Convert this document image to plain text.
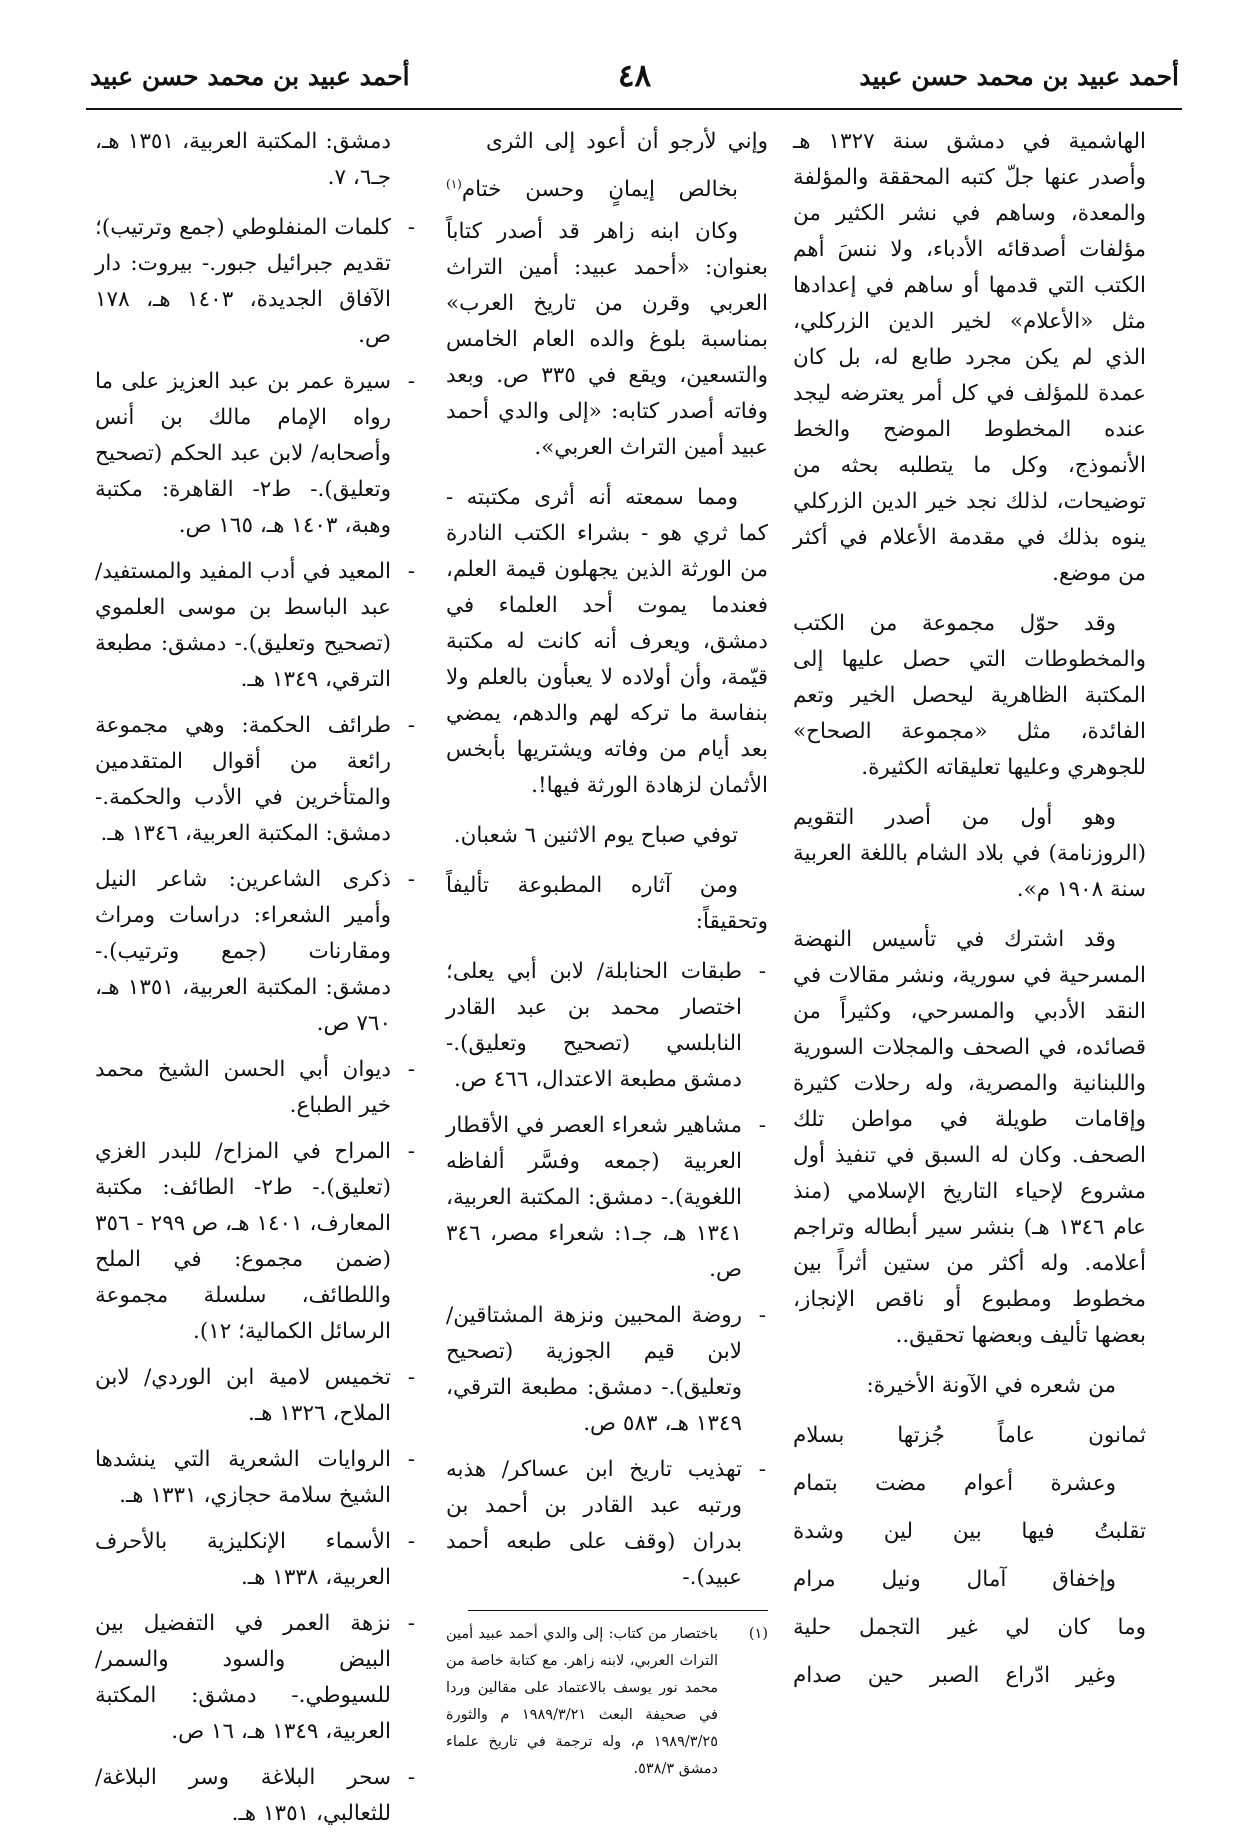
أحمد عبيد بن محمد حسن عبيد
٤٨
أحمد عبيد بن محمد حسن عبيد

الهاشمية في دمشق سنة ١٣٢٧ هـ وأصدر عنها جلّ كتبه المحققة والمؤلفة والمعدة، وساهم في نشر الكثير من مؤلفات أصدقائه الأدباء، ولا ننسَ أهم الكتب التي قدمها أو ساهم في إعدادها مثل «الأعلام» لخير الدين الزركلي، الذي لم يكن مجرد طابع له، بل كان عمدة للمؤلف في كل أمر يعترضه ليجد عنده المخطوط الموضح والخط الأنموذج، وكل ما يتطلبه بحثه من توضيحات، لذلك نجد خير الدين الزركلي ينوه بذلك في مقدمة الأعلام في أكثر من موضع.

وقد حوّل مجموعة من الكتب والمخطوطات التي حصل عليها إلى المكتبة الظاهرية ليحصل الخير وتعم الفائدة، مثل «مجموعة الصحاح» للجوهري وعليها تعليقاته الكثيرة.

وهو أول من أصدر التقويم (الروزنامة) في بلاد الشام باللغة العربية سنة ١٩٠٨ م».

وقد اشترك في تأسيس النهضة المسرحية في سورية، ونشر مقالات في النقد الأدبي والمسرحي، وكثيراً من قصائده، في الصحف والمجلات السورية واللبنانية والمصرية، وله رحلات كثيرة وإقامات طويلة في مواطن تلك الصحف. وكان له السبق في تنفيذ أول مشروع لإحياء التاريخ الإسلامي (منذ عام ١٣٤٦ هـ) بنشر سير أبطاله وتراجم أعلامه. وله أكثر من ستين أثراً بين مخطوط ومطبوع أو ناقص الإنجاز، بعضها تأليف وبعضها تحقيق..

من شعره في الآونة الأخيرة:

ثمانون عاماً جُزتها بسلام
وعشرة أعوام مضت بتمام
تقلبتُ فيها بين لين وشدة
وإخفاق آمال ونيل مرام
وما كان لي غير التجمل حلية
وغير ادّراع الصبر حين صدام
وإني لأرجو أن أعود إلى الثرى
بخالص إيمانٍ وحسن ختام$^{(١)}$

وكان ابنه زاهر قد أصدر كتاباً بعنوان: «أحمد عبيد: أمين التراث العربي وقرن من تاريخ العرب» بمناسبة بلوغ والده العام الخامس والتسعين، ويقع في ٣٣٥ ص. وبعد وفاته أصدر كتابه: «إلى والدي أحمد عبيد أمين التراث العربي».

ومما سمعته أنه أثرى مكتبته - كما ثري هو - بشراء الكتب النادرة من الورثة الذين يجهلون قيمة العلم، فعندما يموت أحد العلماء في دمشق، ويعرف أنه كانت له مكتبة قيّمة، وأن أولاده لا يعبأون بالعلم ولا بنفاسة ما تركه لهم والدهم، يمضي بعد أيام من وفاته ويشتريها بأبخس الأثمان لزهادة الورثة فيها!.

توفي صباح يوم الاثنين ٦ شعبان.

ومن آثاره المطبوعة تأليفاً وتحقيقاً:

-
طبقات الحنابلة/ لابن أبي يعلى؛ اختصار محمد بن عبد القادر النابلسي (تصحيح وتعليق).- دمشق مطبعة الاعتدال، ٤٦٦ ص.
-
مشاهير شعراء العصر في الأقطار العربية (جمعه وفسَّر ألفاظه اللغوية).- دمشق: المكتبة العربية، ١٣٤١ هـ، جـ١: شعراء مصر، ٣٤٦ ص.
-
روضة المحبين ونزهة المشتاقين/ لابن قيم الجوزية (تصحيح وتعليق).- دمشق: مطبعة الترقي، ١٣٤٩ هـ، ٥٨٣ ص.
-
تهذيب تاريخ ابن عساكر/ هذبه ورتبه عبد القادر بن أحمد بن بدران (وقف على طبعه أحمد عبيد).-
(١)
باختصار من كتاب: إلى والدي أحمد عبيد أمين التراث العربي، لابنه زاهر. مع كتابة خاصة من محمد نور يوسف بالاعتماد على مقالين وردا في صحيفة البعث ١٩٨٩/٣/٢١ م والثورة ١٩٨٩/٣/٢٥ م، وله ترجمة في تاريخ علماء دمشق ٥٣٨/٣.

دمشق: المكتبة العربية، ١٣٥١ هـ، جـ٦، ٧.

-
كلمات المنفلوطي (جمع وترتيب)؛ تقديم جبرائيل جبور.- بيروت: دار الآفاق الجديدة، ١٤٠٣ هـ، ١٧٨ ص.
-
سيرة عمر بن عبد العزيز على ما رواه الإمام مالك بن أنس وأصحابه/ لابن عبد الحكم (تصحيح وتعليق).- ط٢- القاهرة: مكتبة وهبة، ١٤٠٣ هـ، ١٦٥ ص.
-
المعيد في أدب المفيد والمستفيد/ عبد الباسط بن موسى العلموي (تصحيح وتعليق).- دمشق: مطبعة الترقي، ١٣٤٩ هـ.
-
طرائف الحكمة: وهي مجموعة رائعة من أقوال المتقدمين والمتأخرين في الأدب والحكمة.- دمشق: المكتبة العربية، ١٣٤٦ هـ.
-
ذكرى الشاعرين: شاعر النيل وأمير الشعراء: دراسات ومراث ومقارنات (جمع وترتيب).- دمشق: المكتبة العربية، ١٣٥١ هـ، ٧٦٠ ص.
-
ديوان أبي الحسن الشيخ محمد خير الطباع.
-
المراح في المزاح/ للبدر الغزي (تعليق).- ط٢- الطائف: مكتبة المعارف، ١٤٠١ هـ، ص ٢٩٩ - ٣٥٦ (ضمن مجموع: في الملح واللطائف، سلسلة مجموعة الرسائل الكمالية؛ ١٢).
-
تخميس لامية ابن الوردي/ لابن الملاح، ١٣٢٦ هـ.
-
الروايات الشعرية التي ينشدها الشيخ سلامة حجازي، ١٣٣١ هـ.
-
الأسماء الإنكليزية بالأحرف العربية، ١٣٣٨ هـ.
-
نزهة العمر في التفضيل بين البيض والسود والسمر/ للسيوطي.- دمشق: المكتبة العربية، ١٣٤٩ هـ، ١٦ ص.
-
سحر البلاغة وسر البلاغة/ للثعالبي، ١٣٥١ هـ.
